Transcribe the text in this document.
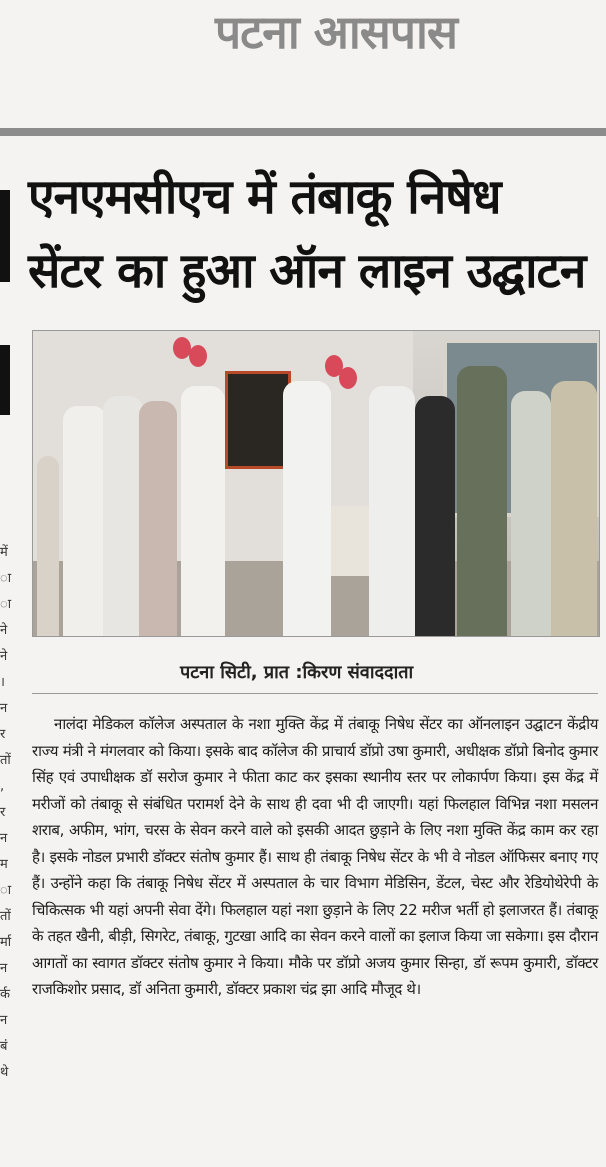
पटना आसपास
में
ा
ा
ने
ने
।
न
र
तों
,
र
न
म
ा
तों
र्मा
न
र्क
न
बंं
थे
एनएमसीएच में तंबाकू निषेध
सेंटर का हुआ ऑन लाइन उद्घाटन
पटना सिटी, प्रात :किरण संवाददाता

नालंदा मेडिकल कॉलेज अस्पताल के नशा मुक्ति केंद्र में तंबाकू निषेध सेंटर का ऑनलाइन उद्घाटन केंद्रीय राज्य मंत्री ने मंगलवार को किया। इसके बाद कॉलेज की प्राचार्य डॉप्रो उषा कुमारी, अधीक्षक डॉप्रो बिनोद कुमार सिंह एवं उपाधीक्षक डॉ सरोज कुमार ने फीता काट कर इसका स्थानीय स्तर पर लोकार्पण किया। इस केंद्र में मरीजों को तंबाकू से संबंधित परामर्श देने के साथ ही दवा भी दी जाएगी। यहां फिलहाल विभिन्न नशा मसलन शराब, अफीम, भांग, चरस के सेवन करने वाले को इसकी आदत छुड़ाने के लिए नशा मुक्ति केंद्र काम कर रहा है। इसके नोडल प्रभारी डॉक्टर संतोष कुमार हैं। साथ ही तंबाकू निषेध सेंटर के भी वे नोडल ऑफिसर बनाए गए हैं। उन्होंने कहा कि तंबाकू निषेध सेंटर में अस्पताल के चार विभाग मेडिसिन, डेंटल, चेस्ट और रेडियोथेरेपी के चिकित्सक भी यहां अपनी सेवा देंगे। फिलहाल यहां नशा छुड़ाने के लिए 22 मरीज भर्ती हो इलाजरत हैं। तंबाकू के तहत खैनी, बीड़ी, सिगरेट, तंबाकू, गुटखा आदि का सेवन करने वालों का इलाज किया जा सकेगा। इस दौरान आगतों का स्वागत डॉक्टर संतोष कुमार ने किया। मौके पर डॉप्रो अजय कुमार सिन्हा, डॉ रूपम कुमारी, डॉक्टर राजकिशोर प्रसाद, डॉ अनिता कुमारी, डॉक्टर प्रकाश चंद्र झा आदि मौजूद थे।
